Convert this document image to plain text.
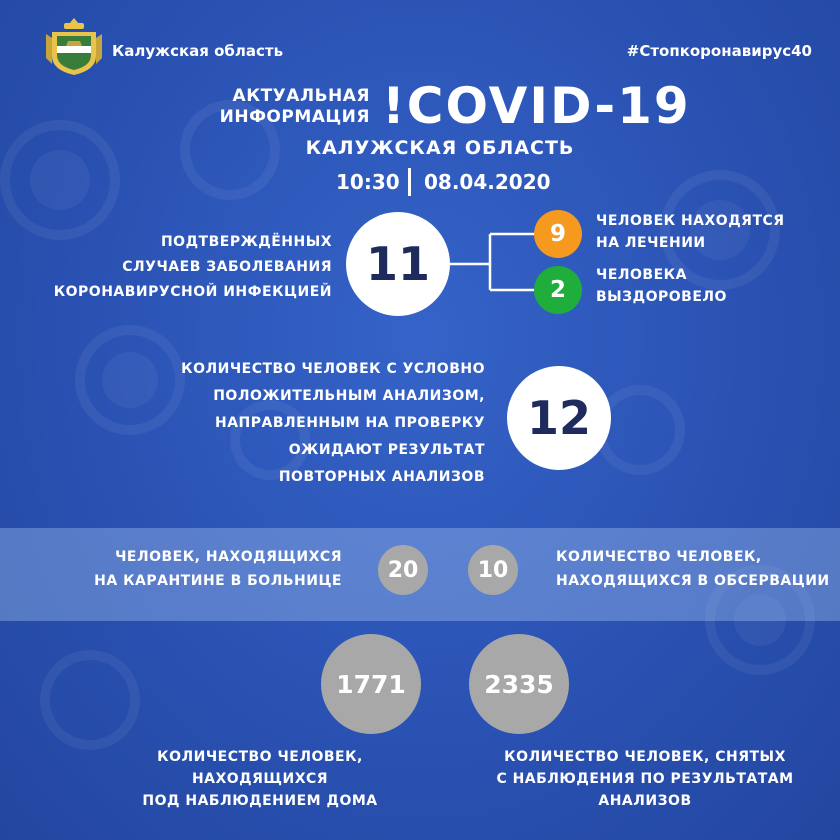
Калужская область	#Стопкоронавирус40
АКТУАЛЬНАЯ
ИНФОРМАЦИЯ !COVID-19
КАЛУЖСКАЯ ОБЛАСТЬ
10:30 08.04.2020
ПОДТВЕРЖДЁННЫХ
СЛУЧАЕВ ЗАБОЛЕВАНИЯ
КОРОНАВИРУСНОЙ ИНФЕКЦИЕЙ
11
9 ЧЕЛОВЕК НАХОДЯТСЯ
НА ЛЕЧЕНИИ
2
ЧЕЛОВЕКА
ВЫЗДОРОВЕЛО
КОЛИЧЕСТВО ЧЕЛОВЕК С УСЛОВНО
ПОЛОЖИТЕЛЬНЫМ АНАЛИЗОМ,
НАПРАВЛЕННЫМ НА ПРОВЕРКУ
ОЖИДАЮТ РЕЗУЛЬТАТ
ПОВТОРНЫХ АНАЛИЗОВ
12
ЧЕЛОВЕК, НАХОДЯЩИХСЯ
НА КАРАНТИНЕ В БОЛЬНИЦЕ 20	10
КОЛИЧЕСТВО ЧЕЛОВЕК,
НАХОДЯЩИХСЯ В ОБСЕРВАЦИИ
1771	2335
КОЛИЧЕСТВО ЧЕЛОВЕК, НАХОДЯЩИХСЯ
ПОД НАБЛЮДЕНИЕМ ДОМА
КОЛИЧЕСТВО ЧЕЛОВЕК, СНЯТЫХ
С НАБЛЮДЕНИЯ ПО РЕЗУЛЬТАТАМ АНАЛИЗОВ
